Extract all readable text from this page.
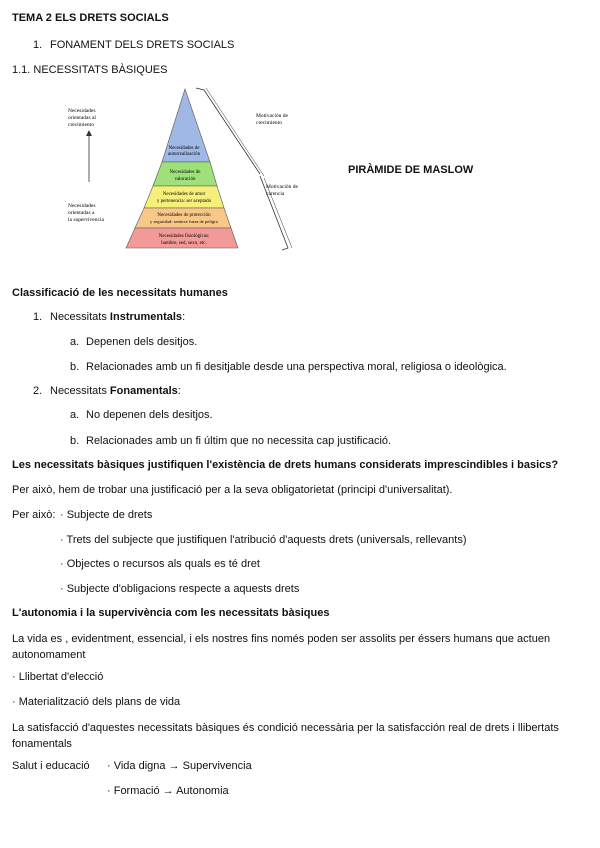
TEMA 2 ELS DRETS SOCIALS
1. FONAMENT DELS DRETS SOCIALS
1.1. NECESSITATS BÀSIQUES
Necesidades de
autorrealización
Necesidades de
valoración
Necesidades de amor
y pertenencia: ser aceptado
Necesidades de protección
y seguridad: sentirse fuera de peligro
Necesidades fisiológicas:
hambre, sed, sexo, etc.
Necesidades
orientadas al
crecimiento
Necesidades
orientadas a
la supervivencia
Motivación de
crecimiento
Motivación de
carencia
PIRÀMIDE DE MASLOW
Classificació de les necessitats humanes
1. Necessitats Instrumentals:
a. Depenen dels desitjos.
b. Relacionades amb un fi desitjable desde una perspectiva moral, religiosa o ideològica.
2. Necessitats Fonamentals:
a. No depenen dels desitjos.
b. Relacionades amb un fi últim que no necessita cap justificació.
Les necessitats bàsiques justifiquen l'existència de drets humans considerats imprescindibles i basics?
Per això, hem de trobar una justificació per a la seva obligatorietat (principi d'universalitat).
Per això: · Subjecte de drets
· Trets del subjecte que justifiquen l'atribució d'aquests drets (universals, rellevants)
· Objectes o recursos als quals es té dret
· Subjecte d'obligacions respecte a aquests drets
L'autonomia i la supervivència com les necessitats bàsiques
La vida es , evidentment, essencial, i els nostres fins només poden ser assolits per éssers humans que actuen autonomament
· Llibertat d'elecció
· Materialització dels plans de vida
La satisfacció d'aquestes necessitats bàsiques és condició necessària per la satisfacción real de drets i llibertats fonamentals
Salut i educació · Vida digna → Supervivencia
· Formació → Autonomia
